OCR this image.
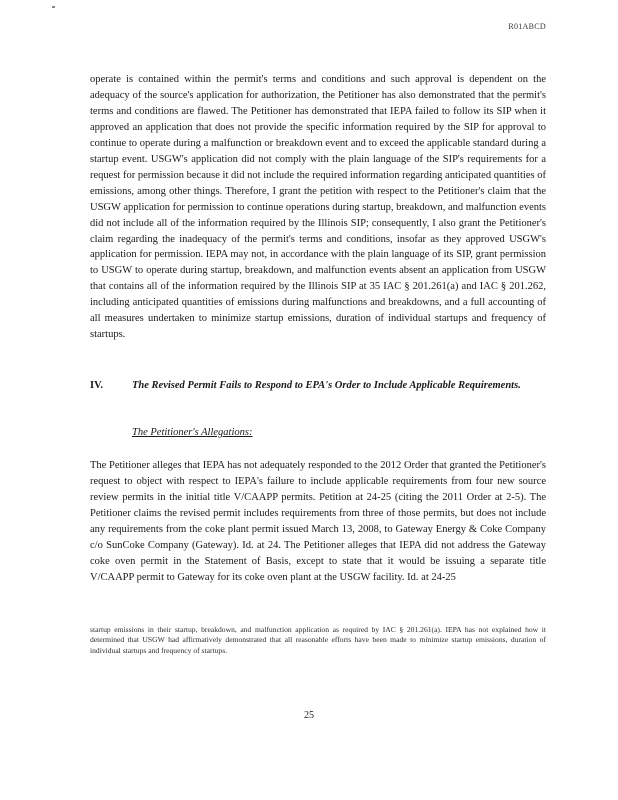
R01ABCD

operate is contained within the permit's terms and conditions and such approval is dependent on the adequacy of the source's application for authorization, the Petitioner has also demonstrated that the permit's terms and conditions are flawed. The Petitioner has demonstrated that IEPA failed to follow its SIP when it approved an application that does not provide the specific information required by the SIP for approval to continue to operate during a malfunction or breakdown event and to exceed the applicable standard during a startup event. USGW's application did not comply with the plain language of the SIP's requirements for a request for permission because it did not include the required information regarding anticipated quantities of emissions, among other things. Therefore, I grant the petition with respect to the Petitioner's claim that the USGW application for permission to continue operations during startup, breakdown, and malfunction events did not include all of the information required by the Illinois SIP; consequently, I also grant the Petitioner's claim regarding the inadequacy of the permit's terms and conditions, insofar as they approved USGW's application for permission. IEPA may not, in accordance with the plain language of its SIP, grant permission to USGW to operate during startup, breakdown, and malfunction events absent an application from USGW that contains all of the information required by the Illinois SIP at 35 IAC § 201.261(a) and IAC § 201.262, including anticipated quantities of emissions during malfunctions and breakdowns, and a full accounting of all measures undertaken to minimize startup emissions, duration of individual startups and frequency of startups.

IV.	The Revised Permit Fails to Respond to EPA's Order to Include Applicable Requirements.

The Petitioner's Allegations:

The Petitioner alleges that IEPA has not adequately responded to the 2012 Order that granted the Petitioner's request to object with respect to IEPA's failure to include applicable requirements from four new source review permits in the initial title V/CAAPP permits. Petition at 24-25 (citing the 2011 Order at 2-5). The Petitioner claims the revised permit includes requirements from three of those permits, but does not include any requirements from the coke plant permit issued March 13, 2008, to Gateway Energy & Coke Company c/o SunCoke Company (Gateway). Id. at 24. The Petitioner alleges that IEPA did not address the Gateway coke oven permit in the Statement of Basis, except to state that it would be issuing a separate title V/CAAPP permit to Gateway for its coke oven plant at the USGW facility. Id. at 24-25

startup emissions in their startup, breakdown, and malfunction application as required by IAC § 201.261(a). IEPA has not explained how it determined that USGW had affirmatively demonstrated that all reasonable efforts have been made to minimize startup emissions, duration of individual startups and frequency of startups.

25
